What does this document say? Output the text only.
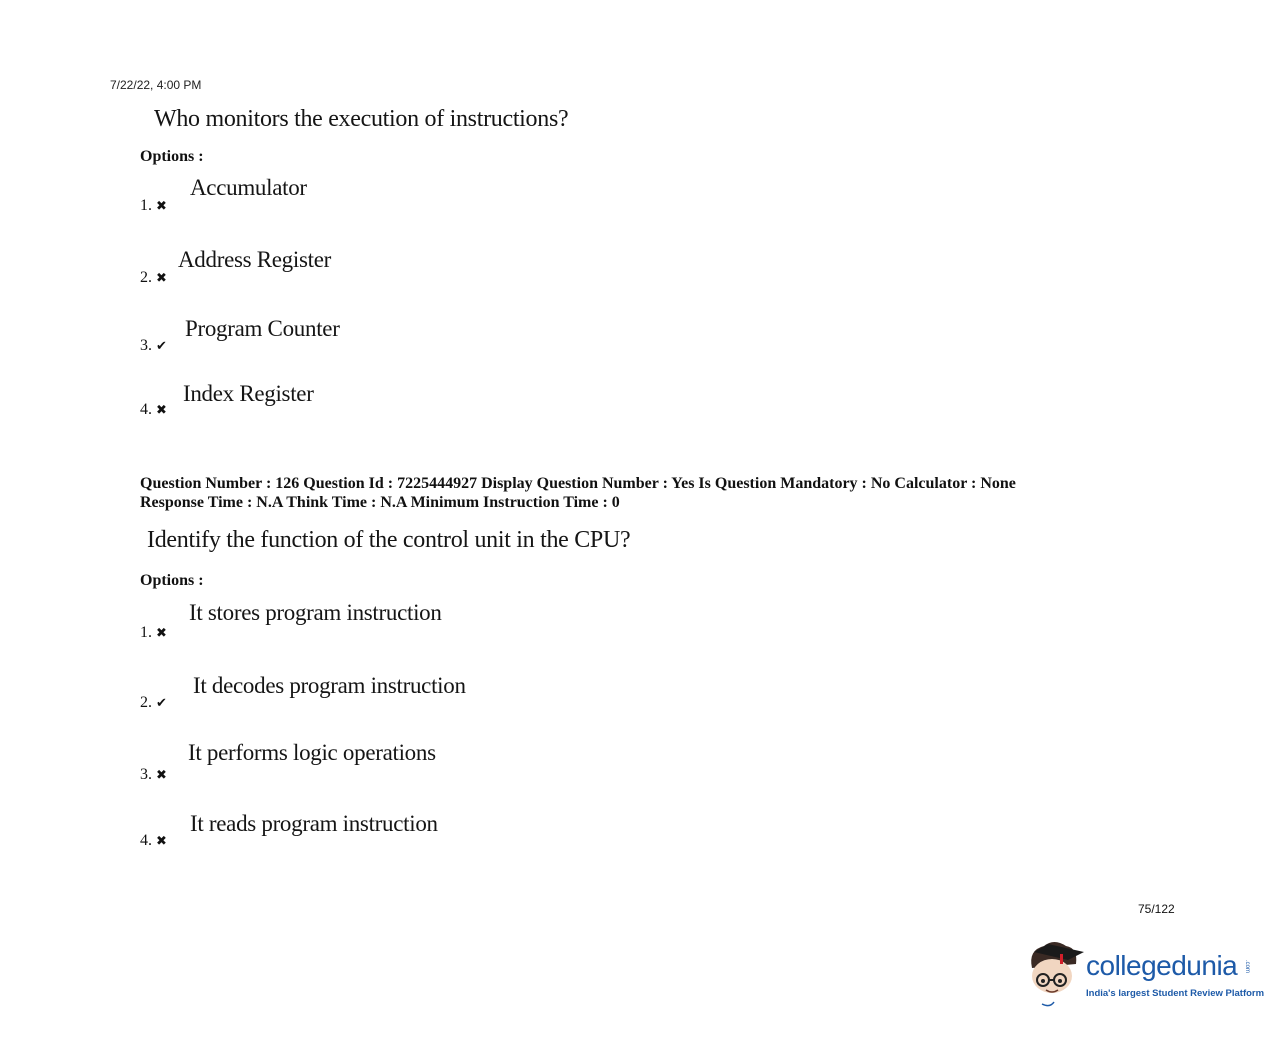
7/22/22, 4:00 PM
Who monitors the execution of instructions?
Options :
1. ✖
Accumulator
2. ✖
Address Register
3. ✔
Program Counter
4. ✖
Index Register
Question Number : 126 Question Id : 7225444927 Display Question Number : Yes Is Question Mandatory : No Calculator : None
Response Time : N.A Think Time : N.A Minimum Instruction Time : 0
Identify the function of the control unit in the CPU?
Options :
1. ✖
It stores program instruction
2. ✔
It decodes program instruction
3. ✖
It performs logic operations
4. ✖
It reads program instruction
75/122
collegedunia .com
India's largest Student Review Platform
